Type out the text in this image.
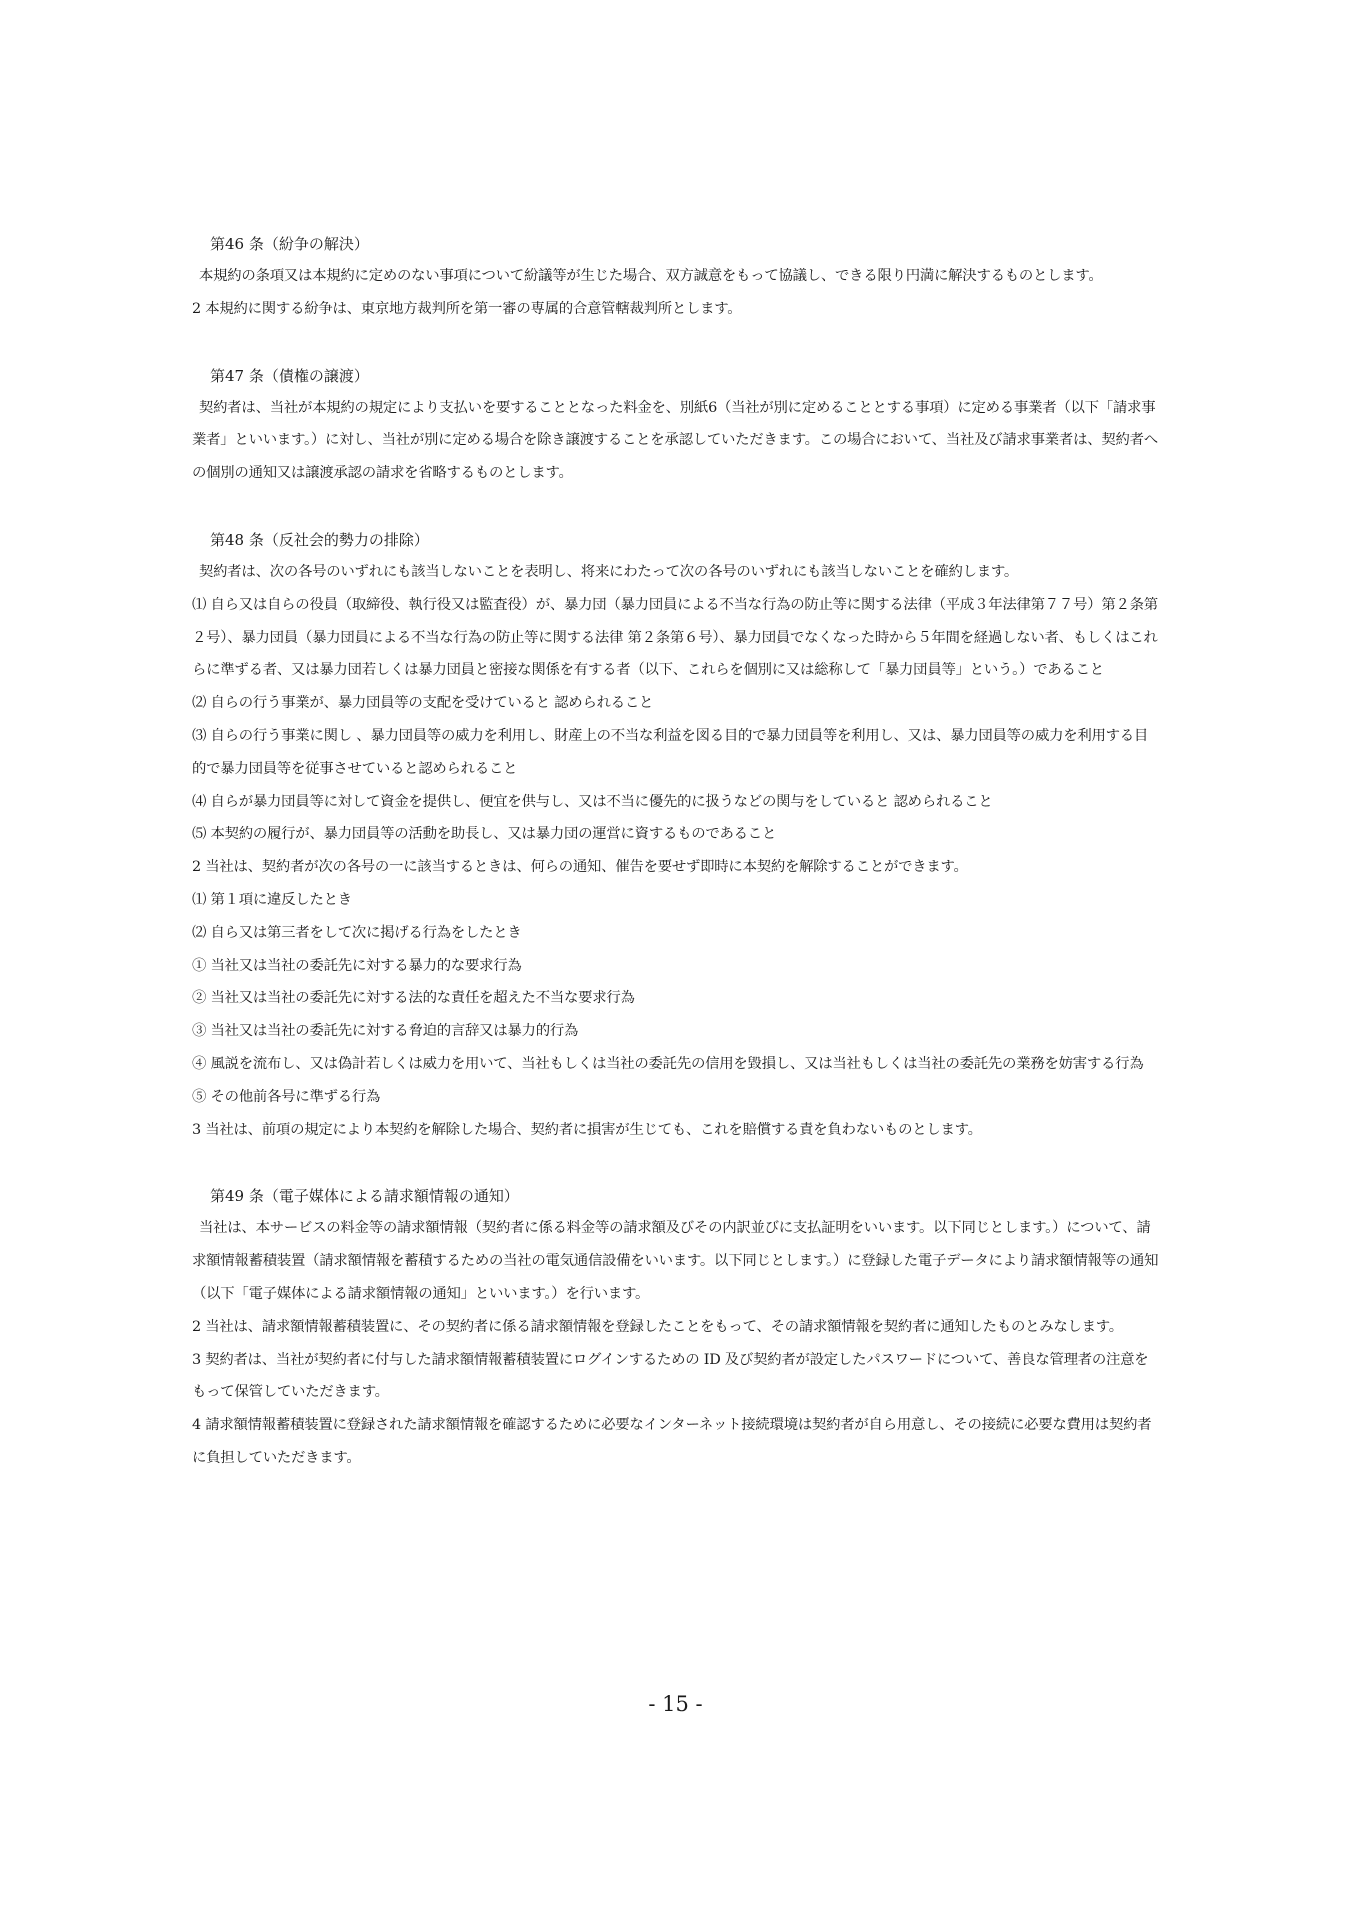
第46 条（紛争の解決）

本規約の条項又は本規約に定めのない事項について紛議等が生じた場合、双方誠意をもって協議し、できる限り円満に解決するものとします。

2 本規約に関する紛争は、東京地方裁判所を第一審の専属的合意管轄裁判所とします。

第47 条（債権の譲渡）

契約者は、当社が本規約の規定により支払いを要することとなった料金を、別紙6（当社が別に定めることとする事項）に定める事業者（以下「請求事業者」といいます。）に対し、当社が別に定める場合を除き譲渡することを承認していただきます。この場合において、当社及び請求事業者は、契約者への個別の通知又は譲渡承認の請求を省略するものとします。

第48 条（反社会的勢力の排除）

契約者は、次の各号のいずれにも該当しないことを表明し、将来にわたって次の各号のいずれにも該当しないことを確約します。

⑴ 自ら又は自らの役員（取締役、執行役又は監査役）が、暴力団（暴力団員による不当な行為の防止等に関する法律（平成３年法律第７７号）第２条第２号）、暴力団員（暴力団員による不当な行為の防止等に関する法律 第２条第６号）、暴力団員でなくなった時から５年間を経過しない者、もしくはこれらに準ずる者、又は暴力団若しくは暴力団員と密接な関係を有する者（以下、これらを個別に又は総称して「暴力団員等」という。）であること

⑵ 自らの行う事業が、暴力団員等の支配を受けていると 認められること

⑶ 自らの行う事業に関し 、暴力団員等の威力を利用し、財産上の不当な利益を図る目的で暴力団員等を利用し、又は、暴力団員等の威力を利用する目的で暴力団員等を従事させていると認められること

⑷ 自らが暴力団員等に対して資金を提供し、便宜を供与し、又は不当に優先的に扱うなどの関与をしていると 認められること

⑸ 本契約の履行が、暴力団員等の活動を助長し、又は暴力団の運営に資するものであること

2 当社は、契約者が次の各号の一に該当するときは、何らの通知、催告を要せず即時に本契約を解除することができます。

⑴ 第１項に違反したとき

⑵ 自ら又は第三者をして次に掲げる行為をしたとき

① 当社又は当社の委託先に対する暴力的な要求行為

② 当社又は当社の委託先に対する法的な責任を超えた不当な要求行為

③ 当社又は当社の委託先に対する脅迫的言辞又は暴力的行為

④ 風説を流布し、又は偽計若しくは威力を用いて、当社もしくは当社の委託先の信用を毀損し、又は当社もしくは当社の委託先の業務を妨害する行為

⑤ その他前各号に準ずる行為

3 当社は、前項の規定により本契約を解除した場合、契約者に損害が生じても、これを賠償する責を負わないものとします。

第49 条（電子媒体による請求額情報の通知）

当社は、本サービスの料金等の請求額情報（契約者に係る料金等の請求額及びその内訳並びに支払証明をいいます。以下同じとします。）について、請求額情報蓄積装置（請求額情報を蓄積するための当社の電気通信設備をいいます。以下同じとします。）に登録した電子データにより請求額情報等の通知（以下「電子媒体による請求額情報の通知」といいます。）を行います。

2 当社は、請求額情報蓄積装置に、その契約者に係る請求額情報を登録したことをもって、その請求額情報を契約者に通知したものとみなします。

3 契約者は、当社が契約者に付与した請求額情報蓄積装置にログインするための ID 及び契約者が設定したパスワードについて、善良な管理者の注意をもって保管していただきます。

4 請求額情報蓄積装置に登録された請求額情報を確認するために必要なインターネット接続環境は契約者が自ら用意し、その接続に必要な費用は契約者に負担していただきます。

- 15 -
